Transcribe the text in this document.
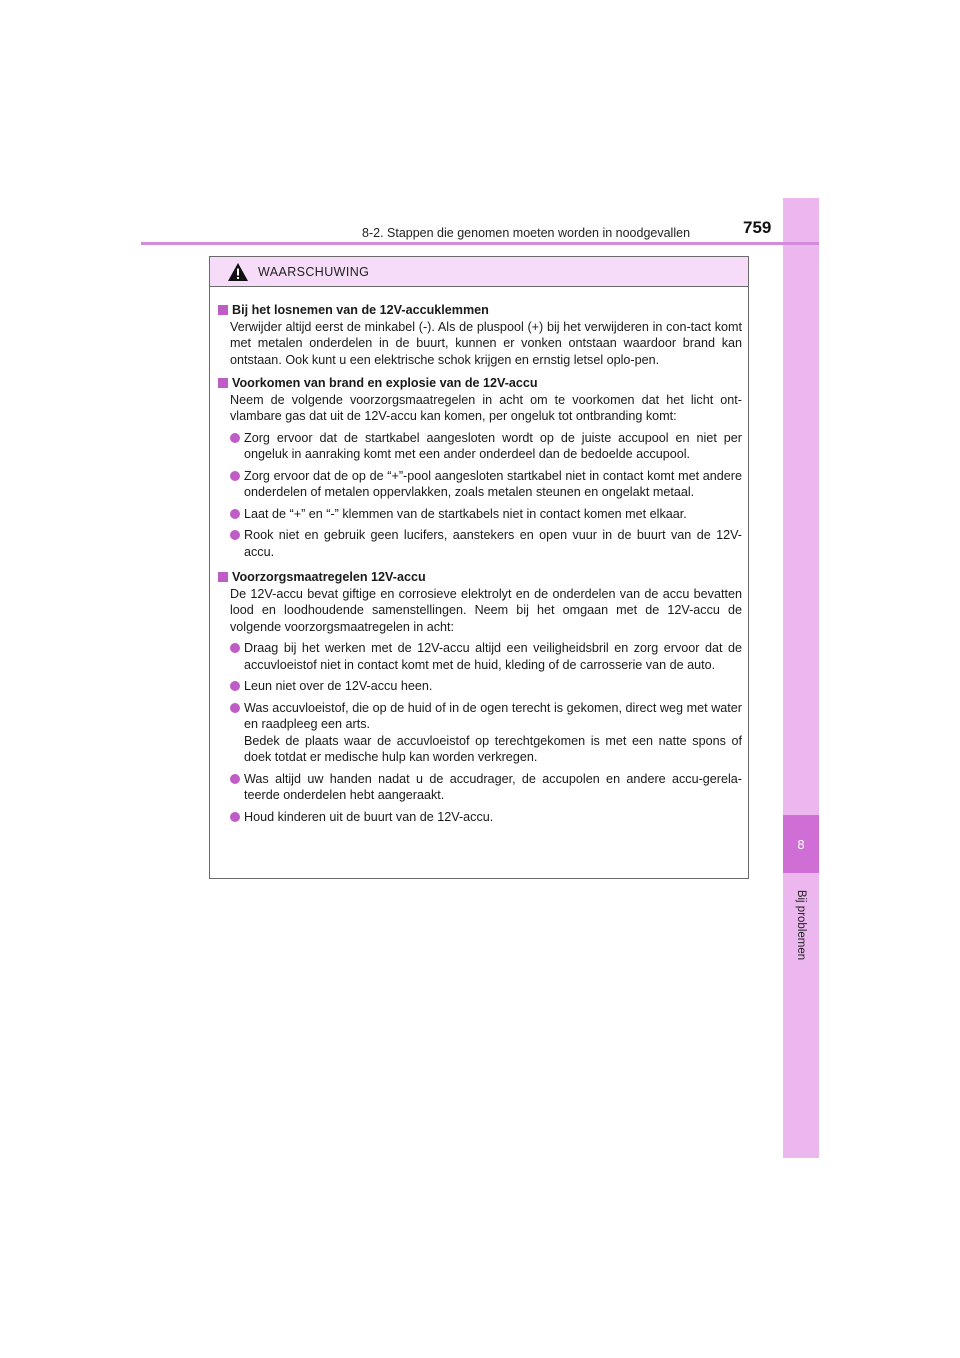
8
Bij problemen
8-2. Stappen die genomen moeten worden in noodgevallen	759
WAARSCHUWING
Bij het losnemen van de 12V-accuklemmen
Verwijder altijd eerst de minkabel (-). Als de pluspool (+) bij het verwijderen in con-tact komt met metalen onderdelen in de buurt, kunnen er vonken ontstaan waardoor brand kan ontstaan. Ook kunt u een elektrische schok krijgen en ernstig letsel oplo-pen.
Voorkomen van brand en explosie van de 12V-accu
Neem de volgende voorzorgsmaatregelen in acht om te voorkomen dat het licht ont-vlambare gas dat uit de 12V-accu kan komen, per ongeluk tot ontbranding komt:
Zorg ervoor dat de startkabel aangesloten wordt op de juiste accupool en niet per ongeluk in aanraking komt met een ander onderdeel dan de bedoelde accupool.
Zorg ervoor dat de op de “+”-pool aangesloten startkabel niet in contact komt met andere onderdelen of metalen oppervlakken, zoals metalen steunen en ongelakt metaal.
Laat de “+” en “-” klemmen van de startkabels niet in contact komen met elkaar.
Rook niet en gebruik geen lucifers, aanstekers en open vuur in de buurt van de 12V-accu.
Voorzorgsmaatregelen 12V-accu
De 12V-accu bevat giftige en corrosieve elektrolyt en de onderdelen van de accu bevatten lood en loodhoudende samenstellingen. Neem bij het omgaan met de 12V-accu de volgende voorzorgsmaatregelen in acht:
Draag bij het werken met de 12V-accu altijd een veiligheidsbril en zorg ervoor dat de accuvloeistof niet in contact komt met de huid, kleding of de carrosserie van de auto.
Leun niet over de 12V-accu heen.
Was accuvloeistof, die op de huid of in de ogen terecht is gekomen, direct weg met water en raadpleeg een arts.
Bedek de plaats waar de accuvloeistof op terechtgekomen is met een natte spons of doek totdat er medische hulp kan worden verkregen.
Was altijd uw handen nadat u de accudrager, de accupolen en andere accu-gerela-teerde onderdelen hebt aangeraakt.
Houd kinderen uit de buurt van de 12V-accu.
